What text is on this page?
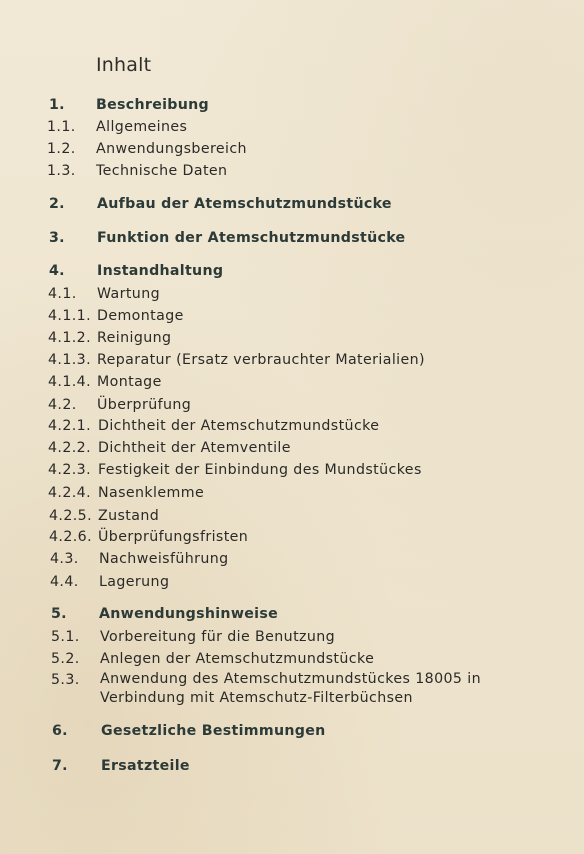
Inhalt
1. Beschreibung
1.1. Allgemeines
1.2. Anwendungsbereich
1.3. Technische Daten
2. Aufbau der Atemschutzmundstücke
3. Funktion der Atemschutzmundstücke
4. Instandhaltung
4.1. Wartung
4.1.1. Demontage
4.1.2. Reinigung
4.1.3. Reparatur (Ersatz verbrauchter Materialien)
4.1.4. Montage
4.2. Überprüfung
4.2.1. Dichtheit der Atemschutzmundstücke
4.2.2. Dichtheit der Atemventile
4.2.3. Festigkeit der Einbindung des Mundstückes
4.2.4. Nasenklemme
4.2.5. Zustand
4.2.6. Überprüfungsfristen
4.3. Nachweisführung
4.4. Lagerung
5. Anwendungshinweise
5.1. Vorbereitung für die Benutzung
5.2. Anlegen der Atemschutzmundstücke
5.3. Anwendung des Atemschutzmundstückes 18005 in Verbindung mit Atemschutz-Filterbüchsen
6. Gesetzliche Bestimmungen
7. Ersatzteile
